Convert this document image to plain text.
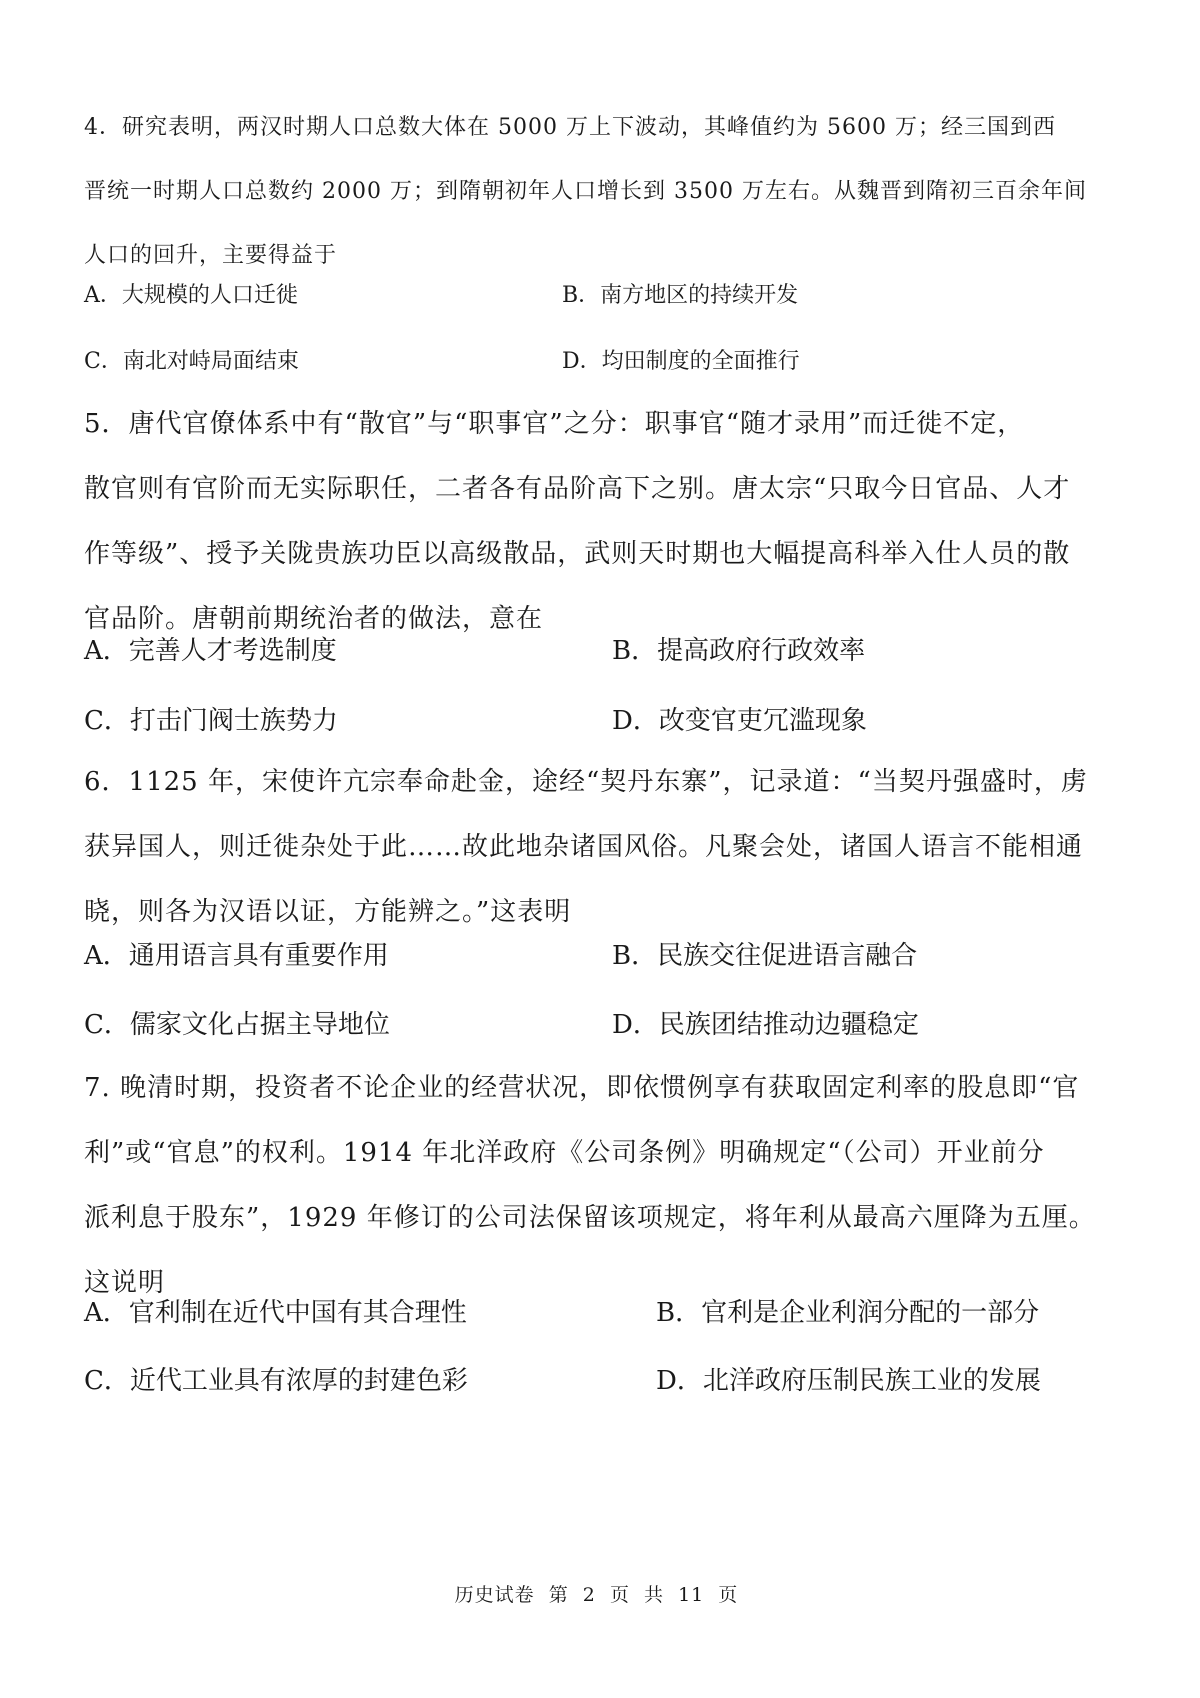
4．研究表明，两汉时期人口总数大体在 5000 万上下波动，其峰值约为 5600 万；经三国到西
晋统一时期人口总数约 2000 万；到隋朝初年人口增长到 3500 万左右。从魏晋到隋初三百余年间
人口的回升，主要得益于

A．大规模的人口迁徙	B．南方地区的持续开发
C．南北对峙局面结束	D．均田制度的全面推行

5．唐代官僚体系中有“散官”与“职事官”之分：职事官“随才录用”而迁徙不定，
散官则有官阶而无实际职任，二者各有品阶高下之别。唐太宗“只取今日官品、人才
作等级”、授予关陇贵族功臣以高级散品，武则天时期也大幅提高科举入仕人员的散
官品阶。唐朝前期统治者的做法，意在

A．完善人才考选制度	B．提高政府行政效率
C．打击门阀士族势力	D．改变官吏冗滥现象

6．1125 年，宋使许亢宗奉命赴金，途经“契丹东寨”，记录道：“当契丹强盛时，虏
获异国人，则迁徙杂处于此……故此地杂诸国风俗。凡聚会处，诸国人语言不能相通
晓，则各为汉语以证，方能辨之。”这表明

A．通用语言具有重要作用	B．民族交往促进语言融合
C．儒家文化占据主导地位	D．民族团结推动边疆稳定

7. 晚清时期，投资者不论企业的经营状况，即依惯例享有获取固定利率的股息即“官
利”或“官息”的权利。1914 年北洋政府《公司条例》明确规定“（公司）开业前分
派利息于股东”，1929 年修订的公司法保留该项规定，将年利从最高六厘降为五厘。
这说明

A．官利制在近代中国有其合理性	B．官利是企业利润分配的一部分
C．近代工业具有浓厚的封建色彩	D．北洋政府压制民族工业的发展
历史试卷 第 2 页 共 11 页
